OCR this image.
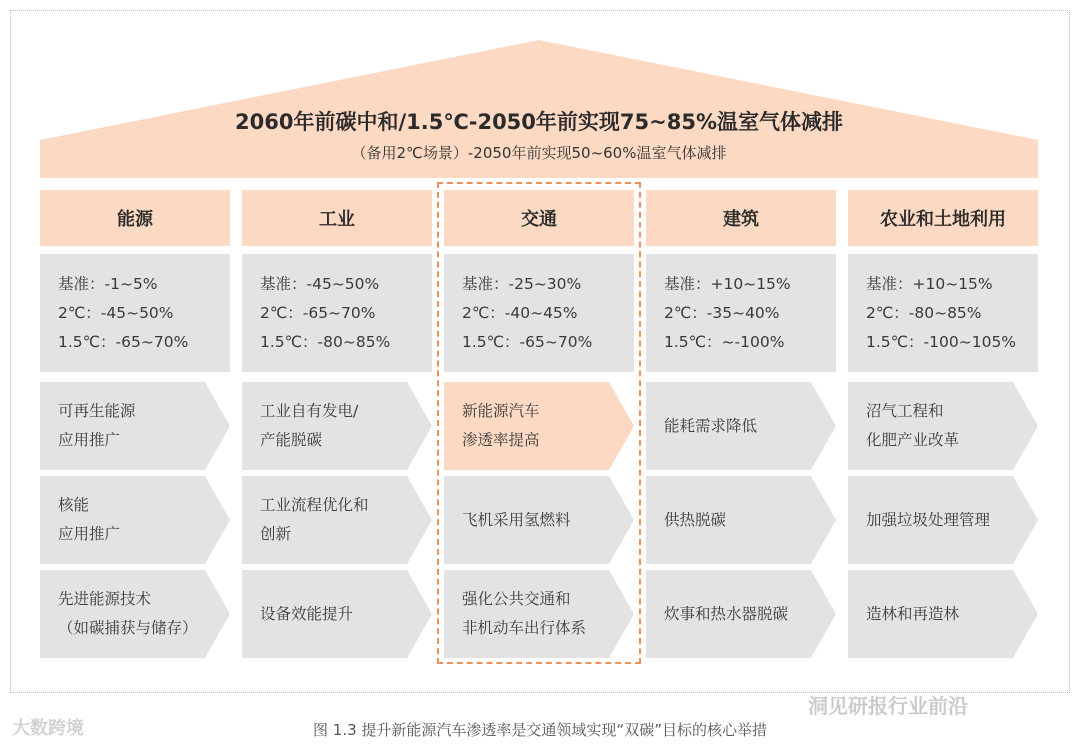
2060年前碳中和/1.5℃-2050年前实现75~85%温室气体减排
（备用2℃场景）-2050年前实现50~60%温室气体减排
能源
基准：-1~5%
2℃：-45~50%
1.5℃：-65~70%
可再生能源
应用推广
核能
应用推广
先进能源技术
（如碳捕获与储存）
工业
基准：-45~50%
2℃：-65~70%
1.5℃：-80~85%
工业自有发电/
产能脱碳
工业流程优化和
创新
设备效能提升
交通
基准：-25~30%
2℃：-40~45%
1.5℃：-65~70%
新能源汽车
渗透率提高
飞机采用氢燃料
强化公共交通和
非机动车出行体系
建筑
基准：+10~15%
2℃：-35~40%
1.5℃：~-100%
能耗需求降低
供热脱碳
炊事和热水器脱碳
农业和土地利用
基准：+10~15%
2℃：-80~85%
1.5℃：-100~105%
沼气工程和
化肥产业改革
加强垃圾处理管理
造林和再造林
洞见研报行业前沿
大数跨境	图 1.3 提升新能源汽车渗透率是交通领域实现“双碳”目标的核心举措
